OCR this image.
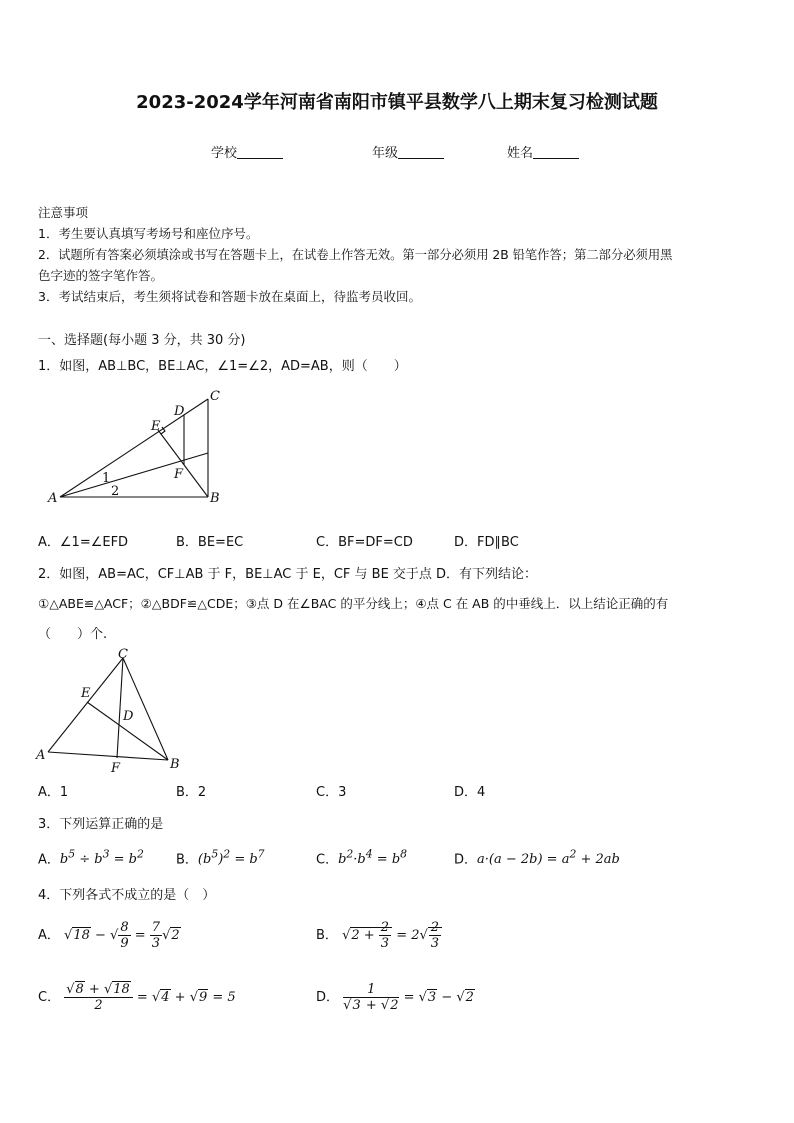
2023-2024学年河南省南阳市镇平县数学八上期末复习检测试题
学校	年级	姓名
注意事项
1．考生要认真填写考场号和座位序号。
2．试题所有答案必须填涂或书写在答题卡上，在试卷上作答无效。第一部分必须用 2B 铅笔作答；第二部分必须用黑
色字迹的签字笔作答。
3．考试结束后，考生须将试卷和答题卡放在桌面上，待监考员收回。
一、选择题(每小题 3 分，共 30 分)
1．如图，AB⊥BC，BE⊥AC，∠1=∠2，AD=AB，则（　　）
A	B
C
D
E
F
1
2
A．∠1=∠EFD	B．BE=EC	C．BF=DF=CD	D．FD∥BC
2．如图，AB=AC，CF⊥AB 于 F，BE⊥AC 于 E，CF 与 BE 交于点 D．有下列结论：
①△ABE≌△ACF；②△BDF≌△CDE；③点 D 在∠BAC 的平分线上；④点 C 在 AB 的中垂线上．以上结论正确的有
（　　）个.
A
B
C
D
E
F
A．1	B．2	C．3	D．4
3．下列运算正确的是
A．$b^5 \div b^3 = b^2$ B．$(b^5)^2 = b^7$	C．$b^2\cdot b^4 = b^8$	D．$a\cdot(a - 2b) = a^2 + 2ab$
4．下列各式不成立的是（　）
A． √18 − √ $\frac{8}{9} = \frac{7}{3} √2$	B． $√2 + \frac{2}{3} = 2√ \frac{2}{3}$
C． $\frac{√8 + √18}{2} = √4 + √9 = 5$	D． $\frac{1}{√3 + √2} = √3 - √2$
